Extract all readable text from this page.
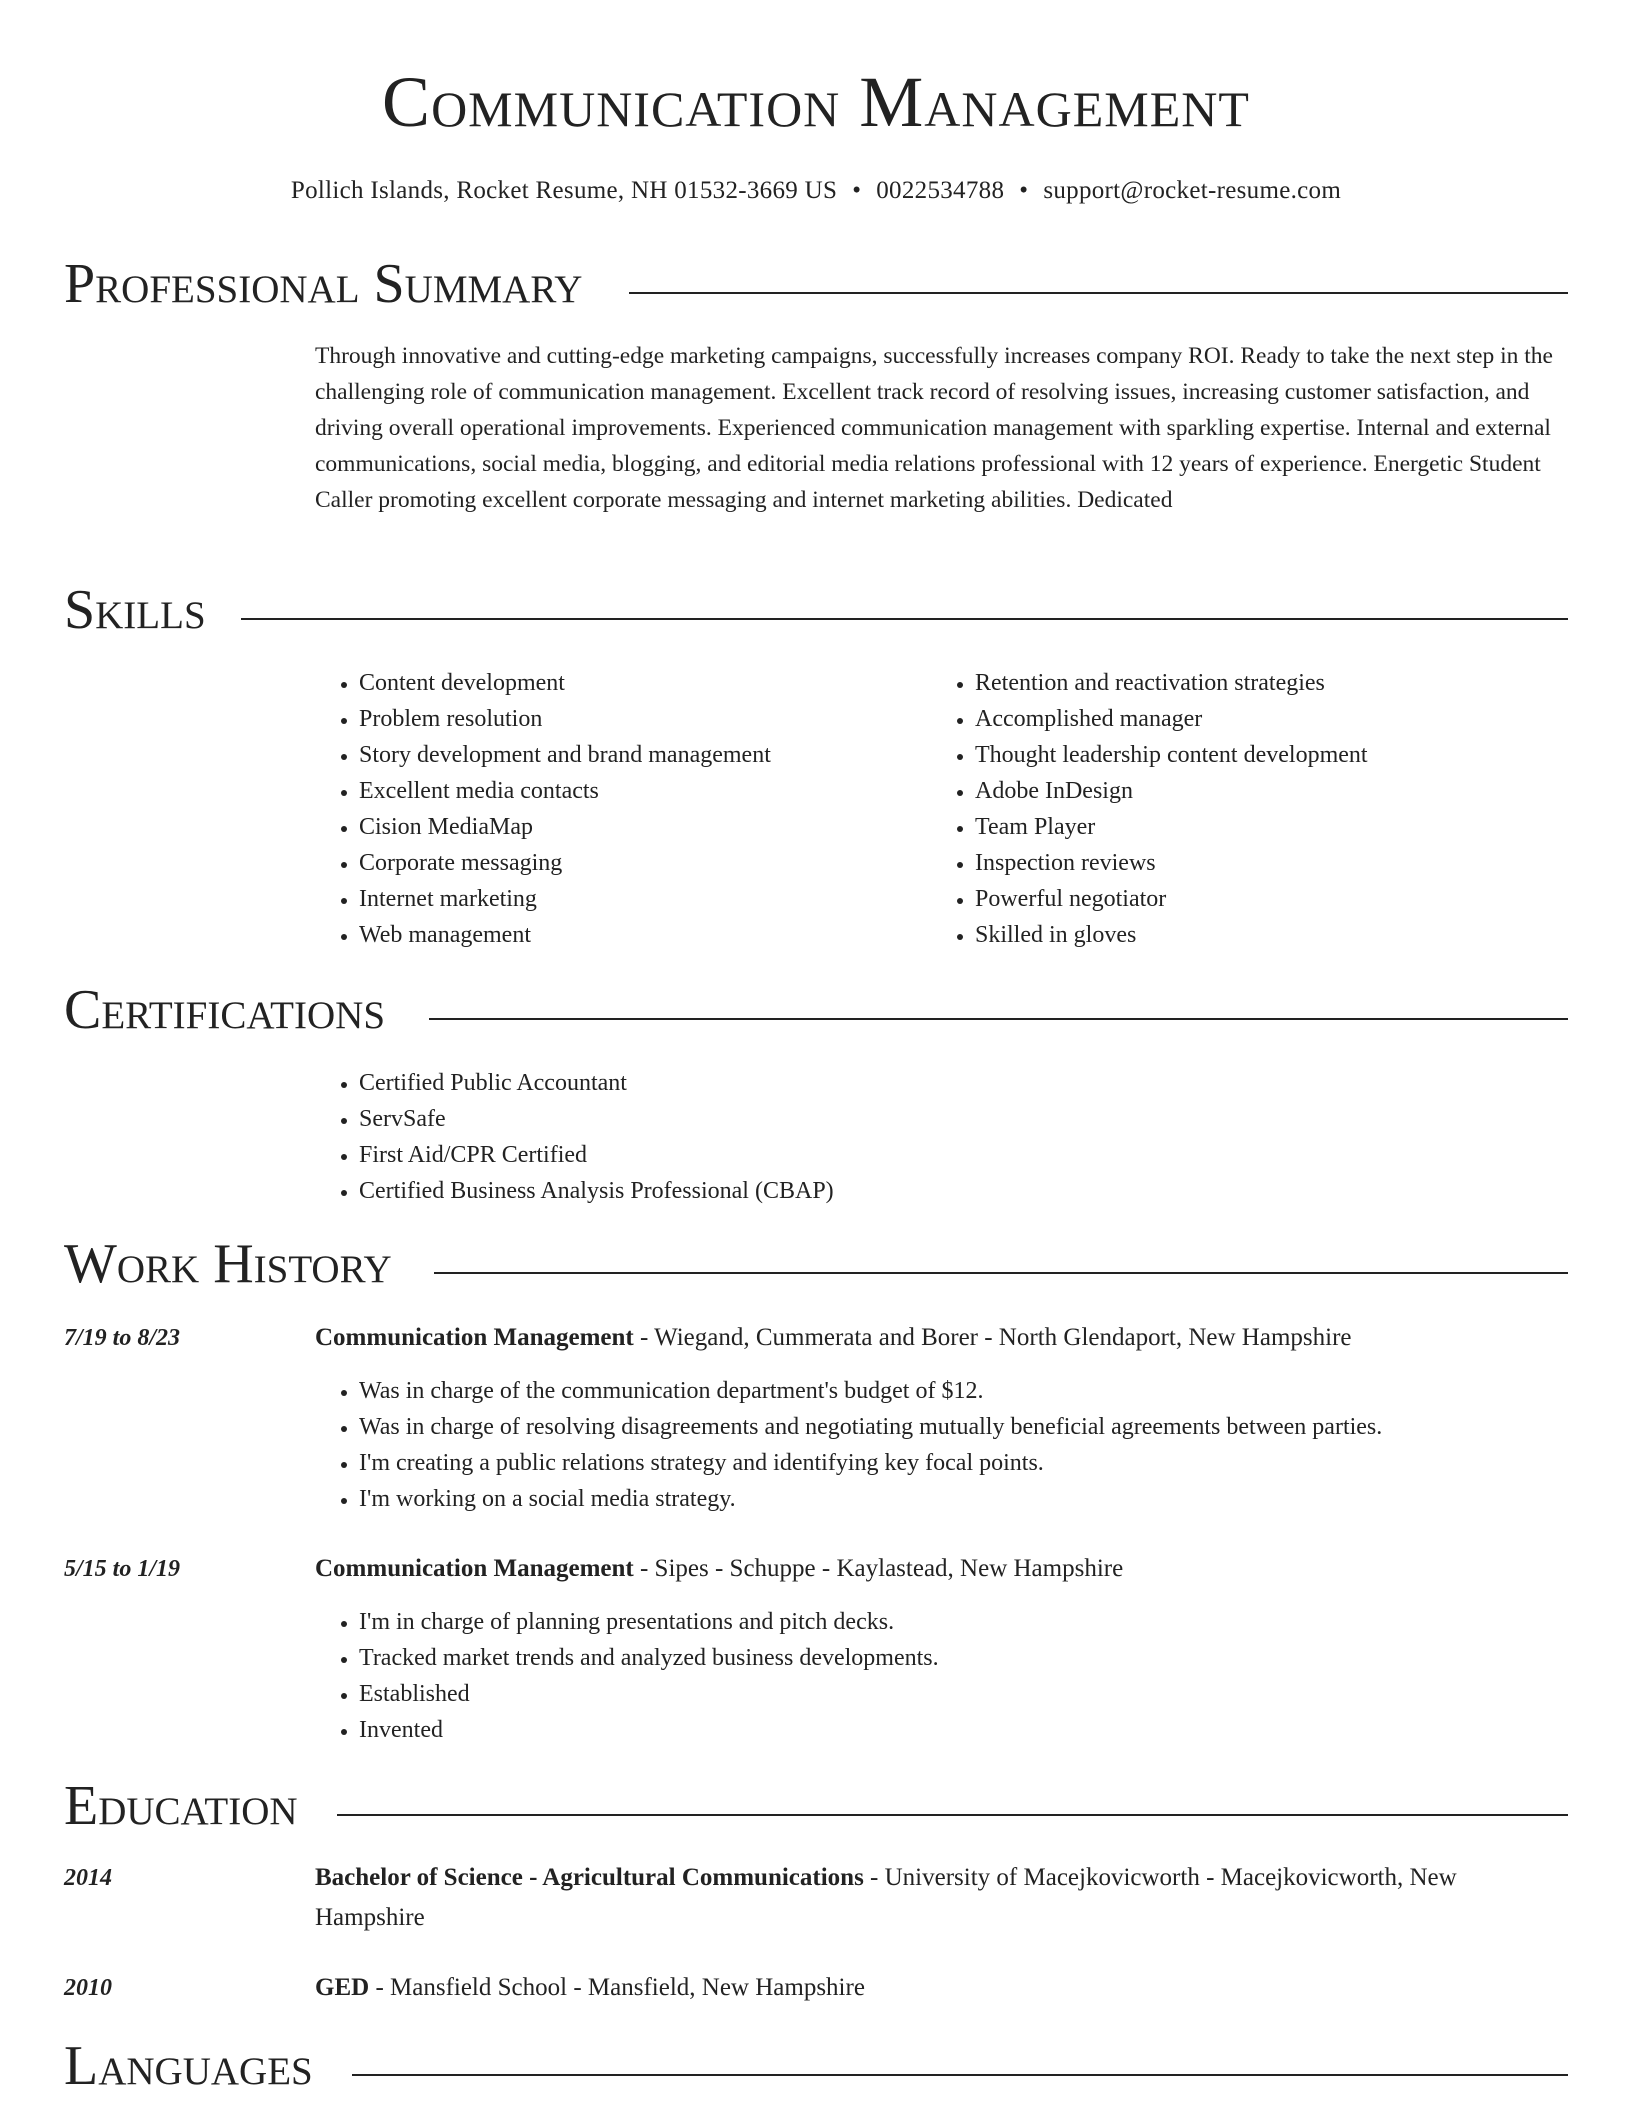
Communication Management
Pollich Islands, Rocket Resume, NH 01532-3669 US • 0022534788 • support@rocket-resume.com
Professional Summary

Through innovative and cutting-edge marketing campaigns, successfully increases company ROI. Ready to take the next step in the challenging role of communication management. Excellent track record of resolving issues, increasing customer satisfaction, and driving overall operational improvements. Experienced communication management with sparkling expertise. Internal and external communications, social media, blogging, and editorial media relations professional with 12 years of experience. Energetic Student Caller promoting excellent corporate messaging and internet marketing abilities. Dedicated

Skills
• Content development
• Problem resolution
• Story development and brand management
• Excellent media contacts
• Cision MediaMap
• Corporate messaging
• Internet marketing
• Web management
• Retention and reactivation strategies
• Accomplished manager
• Thought leadership content development
• Adobe InDesign
• Team Player
• Inspection reviews
• Powerful negotiator
• Skilled in gloves
Certifications
• Certified Public Accountant
• ServSafe
• First Aid/CPR Certified
• Certified Business Analysis Professional (CBAP)
Work History
7/19 to 8/23	Communication Management - Wiegand, Cummerata and Borer - North Glendaport, New Hampshire
• Was in charge of the communication department's budget of $12.
• Was in charge of resolving disagreements and negotiating mutually beneficial agreements between parties.
• I'm creating a public relations strategy and identifying key focal points.
• I'm working on a social media strategy.
5/15 to 1/19	Communication Management - Sipes - Schuppe - Kaylastead, New Hampshire
• I'm in charge of planning presentations and pitch decks.
• Tracked market trends and analyzed business developments.
• Established
• Invented
Education
2014	Bachelor of Science - Agricultural Communications - University of Macejkovicworth - Macejkovicworth, New Hampshire
2010	GED - Mansfield School - Mansfield, New Hampshire
Languages
